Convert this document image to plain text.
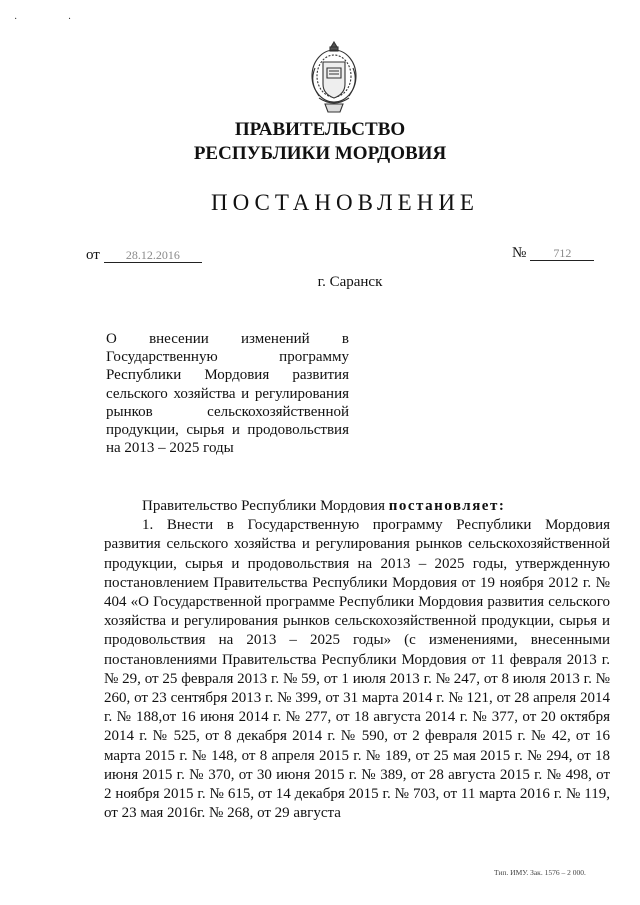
· ·
ПРАВИТЕЛЬСТВО
РЕСПУБЛИКИ МОРДОВИЯ
ПОСТАНОВЛЕНИЕ
от 28.12.2016	№ 712
г. Саранск
О внесении изменений в Государственную программу Республики Мордовия развития сельского хозяйства и регулирования рынков сельскохозяйственной продукции, сырья и продовольствия на 2013 – 2025 годы

Правительство Республики Мордовия постановляет:

1. Внести в Государственную программу Республики Мордовия развития сельского хозяйства и регулирования рынков сельскохозяйственной продукции, сырья и продовольствия на 2013 – 2025 годы, утвержденную постановлением Правительства Республики Мордовия от 19 ноября 2012 г. № 404 «О Государственной программе Республики Мордовия развития сельского хозяйства и регулирования рынков сельскохозяйственной продукции, сырья и продовольствия на 2013 – 2025 годы» (с изменениями, внесенными постановлениями Правительства Республики Мордовия от 11 февраля 2013 г. № 29, от 25 февраля 2013 г. № 59, от 1 июля 2013 г. № 247, от 8 июля 2013 г. № 260, от 23 сентября 2013 г. № 399, от 31 марта 2014 г. № 121, от 28 апреля 2014 г. № 188,от 16 июня 2014 г. № 277, от 18 августа 2014 г. № 377, от 20 октября 2014 г. № 525, от 8 декабря 2014 г. № 590, от 2 февраля 2015 г. № 42, от 16 марта 2015 г. № 148, от 8 апреля 2015 г. № 189, от 25 мая 2015 г. № 294, от 18 июня 2015 г. № 370, от 30 июня 2015 г. № 389, от 28 августа 2015 г. № 498, от 2 ноября 2015 г. № 615, от 14 декабря 2015 г. № 703, от 11 марта 2016 г. № 119, от 23 мая 2016г. № 268, от 29 августа

Тип. ИМУ. Зак. 1576 – 2 000.
